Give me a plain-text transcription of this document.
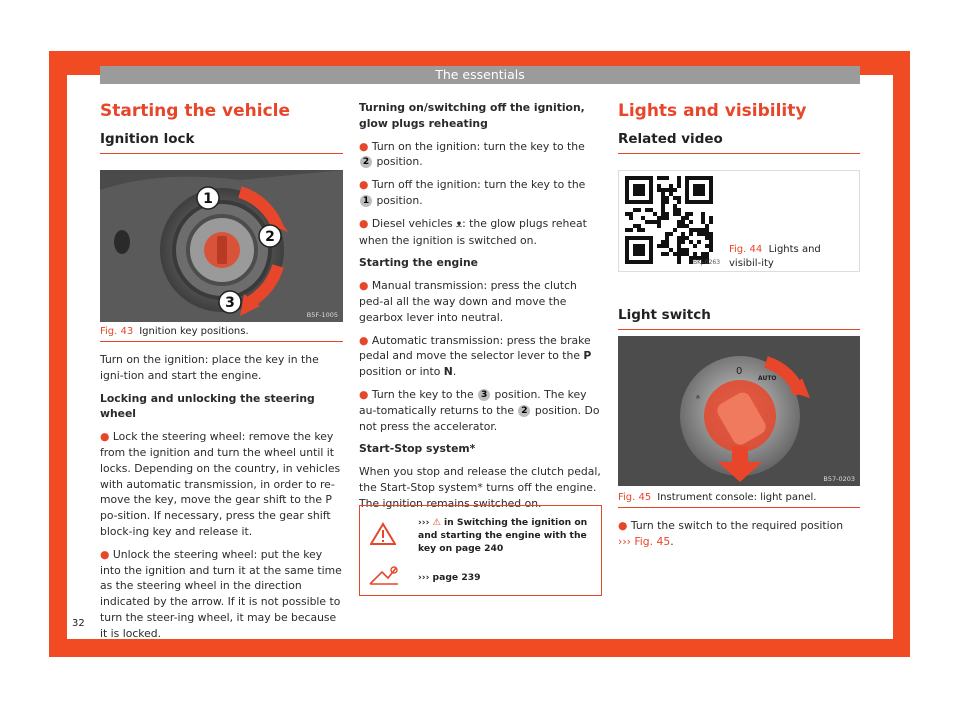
The essentials
Starting the vehicle
Ignition lock
1
2
3
B5F-1005
Fig. 43 Ignition key positions.

Turn on the ignition: place the key in the igni-tion and start the engine.

Locking and unlocking the steering wheel

● Lock the steering wheel: remove the key from the ignition and turn the wheel until it locks. Depending on the country, in vehicles with automatic transmission, in order to re-move the key, move the gear shift to the P po-sition. If necessary, press the gear shift block-ing key and release it.

● Unlock the steering wheel: put the key into the ignition and turn it at the same time as the steering wheel in the direction indicated by the arrow. If it is not possible to turn the steer-ing wheel, it may be because it is locked.

Turning on/switching off the ignition, glow plugs reheating

● Turn on the ignition: turn the key to the 2 position.

● Turn off the ignition: turn the key to the 1 position.

● Diesel vehicles ᴥ: the glow plugs reheat when the ignition is switched on.

Starting the engine

● Manual transmission: press the clutch ped-al all the way down and move the gearbox lever into neutral.

● Automatic transmission: press the brake pedal and move the selector lever to the P position or into N.

● Turn the key to the 3 position. The key au-tomatically returns to the 2 position. Do not press the accelerator.

Start-Stop system*

When you stop and release the clutch pedal, the Start-Stop system* turns off the engine. The ignition remains switched on.

››› ⚠ in Switching the ignition on and starting the engine with the key on page 240
››› page 239
Lights and visibility
Related video
BKJ-0263
Fig. 44 Lights and visibil-ity
Light switch
0
AUTO
ᵃ
B57-0203
Fig. 45 Instrument console: light panel.

● Turn the switch to the required position
››› Fig. 45.

32
